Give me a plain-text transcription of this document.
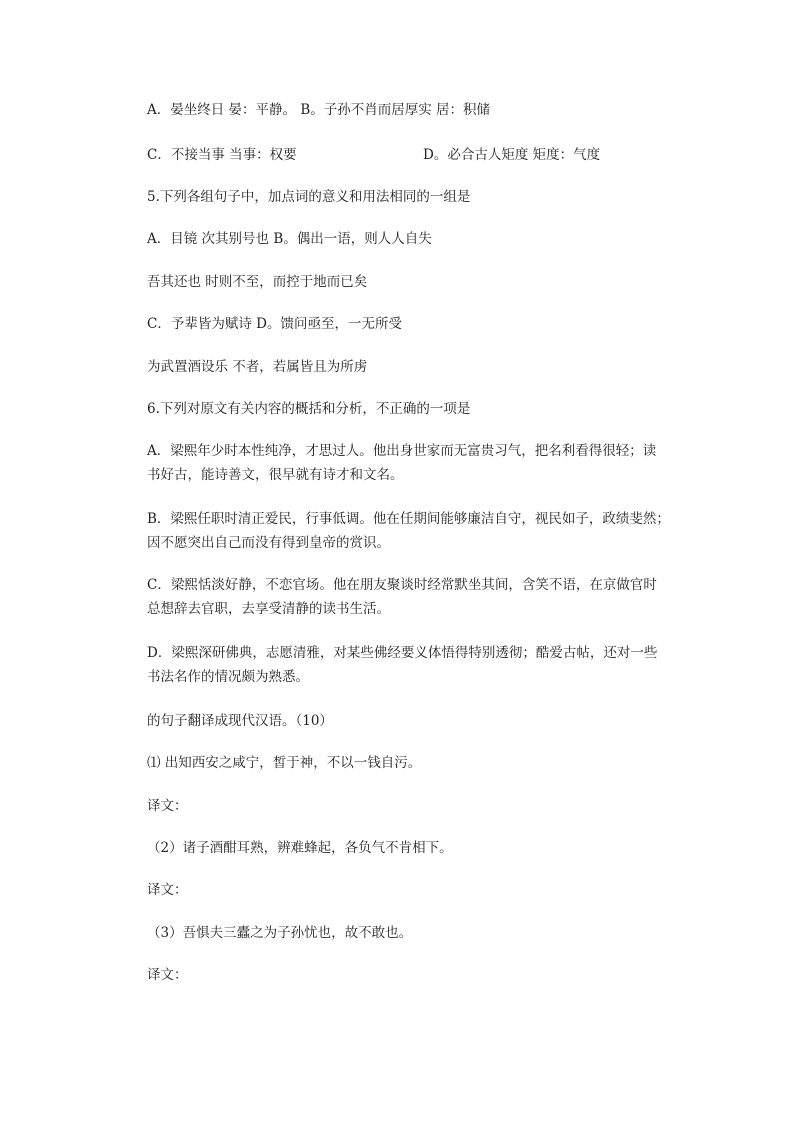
A．晏坐终日 晏：平静。 B。子孙不肖而居厚实 居：积储

C．不接当事 当事：权要	D。必合古人矩度 矩度：气度

5.下列各组句子中，加点词的意义和用法相同的一组是

A．目镜 次其别号也 B。偶出一语，则人人自失

吾其还也 时则不至，而控于地而已矣

C．予辈皆为赋诗 D。馈问亟至，一无所受

为武置酒设乐 不者，若属皆且为所虏

6.下列对原文有关内容的概括和分析，不正确的一项是

A．梁熙年少时本性纯净，才思过人。他出身世家而无富贵习气，把名利看得很轻；读

书好古，能诗善文，很早就有诗才和文名。

B．梁熙任职时清正爱民，行事低调。他在任期间能够廉洁自守，视民如子，政绩斐然；

因不愿突出自己而没有得到皇帝的赏识。

C．梁熙恬淡好静，不恋官场。他在朋友聚谈时经常默坐其间，含笑不语，在京做官时

总想辞去官职，去享受清静的读书生活。

D．梁熙深研佛典，志愿清雅，对某些佛经要义体悟得特别透彻；酷爱古帖，还对一些

书法名作的情况颇为熟悉。

的句子翻译成现代汉语。（10）

⑴ 出知西安之咸宁，皙于神，不以一钱自污。

译文：

（2）诸子酒酣耳熟，辨难蜂起，各负气不肯相下。

译文：

（3）吾惧夫三蠹之为子孙忧也，故不敢也。

译文：
